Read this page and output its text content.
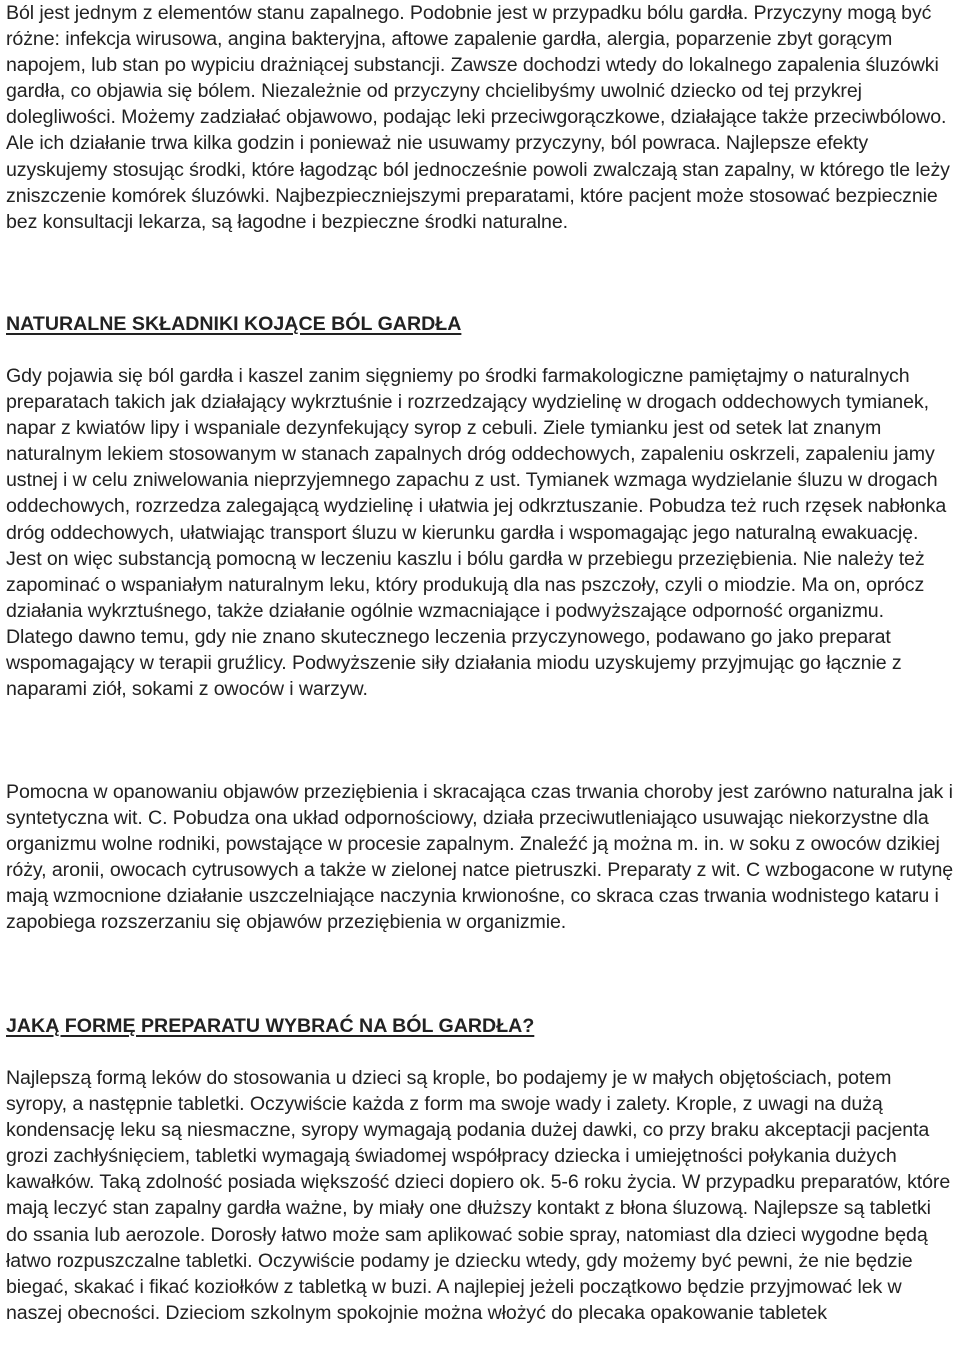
Ból jest jednym z elementów stanu zapalnego. Podobnie jest w przypadku bólu gardła. Przyczyny mogą być różne: infekcja wirusowa, angina bakteryjna, aftowe zapalenie gardła, alergia, poparzenie zbyt gorącym napojem, lub stan po wypiciu drażniącej substancji. Zawsze dochodzi wtedy do lokalnego zapalenia śluzówki gardła, co objawia się bólem. Niezależnie od przyczyny chcielibyśmy uwolnić dziecko od tej przykrej dolegliwości. Możemy zadziałać objawowo, podając leki przeciwgorączkowe, działające także przeciwbólowo. Ale ich działanie trwa kilka godzin i ponieważ nie usuwamy przyczyny, ból powraca. Najlepsze efekty uzyskujemy stosując środki, które łagodząc ból jednocześnie powoli zwalczają stan zapalny, w którego tle leży zniszczenie komórek śluzówki. Najbezpieczniejszymi preparatami, które pacjent może stosować bezpiecznie bez konsultacji lekarza, są łagodne i bezpieczne środki naturalne.

NATURALNE SKŁADNIKI KOJĄCE BÓL GARDŁA

Gdy pojawia się ból gardła i kaszel zanim sięgniemy po środki farmakologiczne pamiętajmy o naturalnych preparatach takich jak działający wykrztuśnie i rozrzedzający wydzielinę w drogach oddechowych tymianek, napar z kwiatów lipy i wspaniale dezynfekujący syrop z cebuli. Ziele tymianku jest od setek lat znanym naturalnym lekiem stosowanym w stanach zapalnych dróg oddechowych, zapaleniu oskrzeli, zapaleniu jamy ustnej i w celu zniwelowania nieprzyjemnego zapachu z ust. Tymianek wzmaga wydzielanie śluzu w drogach oddechowych, rozrzedza zalegającą wydzielinę i ułatwia jej odkrztuszanie. Pobudza też ruch rzęsek nabłonka dróg oddechowych, ułatwiając transport śluzu w kierunku gardła i wspomagając jego naturalną ewakuację. Jest on więc substancją pomocną w leczeniu kaszlu i bólu gardła w przebiegu przeziębienia. Nie należy też zapominać o wspaniałym naturalnym leku, który produkują dla nas pszczoły, czyli o miodzie. Ma on, oprócz działania wykrztuśnego, także działanie ogólnie wzmacniające i podwyższające odporność organizmu. Dlatego dawno temu, gdy nie znano skutecznego leczenia przyczynowego, podawano go jako preparat wspomagający w terapii gruźlicy. Podwyższenie siły działania miodu uzyskujemy przyjmując go łącznie z naparami ziół, sokami z owoców i warzyw.

Pomocna w opanowaniu objawów przeziębienia i skracająca czas trwania choroby jest zarówno naturalna jak i syntetyczna wit. C. Pobudza ona układ odpornościowy, działa przeciwutleniająco usuwając niekorzystne dla organizmu wolne rodniki, powstające w procesie zapalnym. Znaleźć ją można m. in. w soku z owoców dzikiej róży, aronii, owocach cytrusowych a także w zielonej natce pietruszki. Preparaty z wit. C wzbogacone w rutynę mają wzmocnione działanie uszczelniające naczynia krwionośne, co skraca czas trwania wodnistego kataru i zapobiega rozszerzaniu się objawów przeziębienia w organizmie.

JAKĄ FORMĘ PREPARATU WYBRAĆ NA BÓL GARDŁA?

Najlepszą formą leków do stosowania u dzieci są krople, bo podajemy je w małych objętościach, potem syropy, a następnie tabletki. Oczywiście każda z form ma swoje wady i zalety. Krople, z uwagi na dużą kondensację leku są niesmaczne, syropy wymagają podania dużej dawki, co przy braku akceptacji pacjenta grozi zachłyśnięciem, tabletki wymagają świadomej współpracy dziecka i umiejętności połykania dużych kawałków. Taką zdolność posiada większość dzieci dopiero ok. 5-6 roku życia. W przypadku preparatów, które mają leczyć stan zapalny gardła ważne, by miały one dłuższy kontakt z błona śluzową. Najlepsze są tabletki do ssania lub aerozole. Dorosły łatwo może sam aplikować sobie spray, natomiast dla dzieci wygodne będą łatwo rozpuszczalne tabletki. Oczywiście podamy je dziecku wtedy, gdy możemy być pewni, że nie będzie biegać, skakać i fikać koziołków z tabletką w buzi. A najlepiej jeżeli początkowo będzie przyjmować lek w naszej obecności. Dzieciom szkolnym spokojnie można włożyć do plecaka opakowanie tabletek
